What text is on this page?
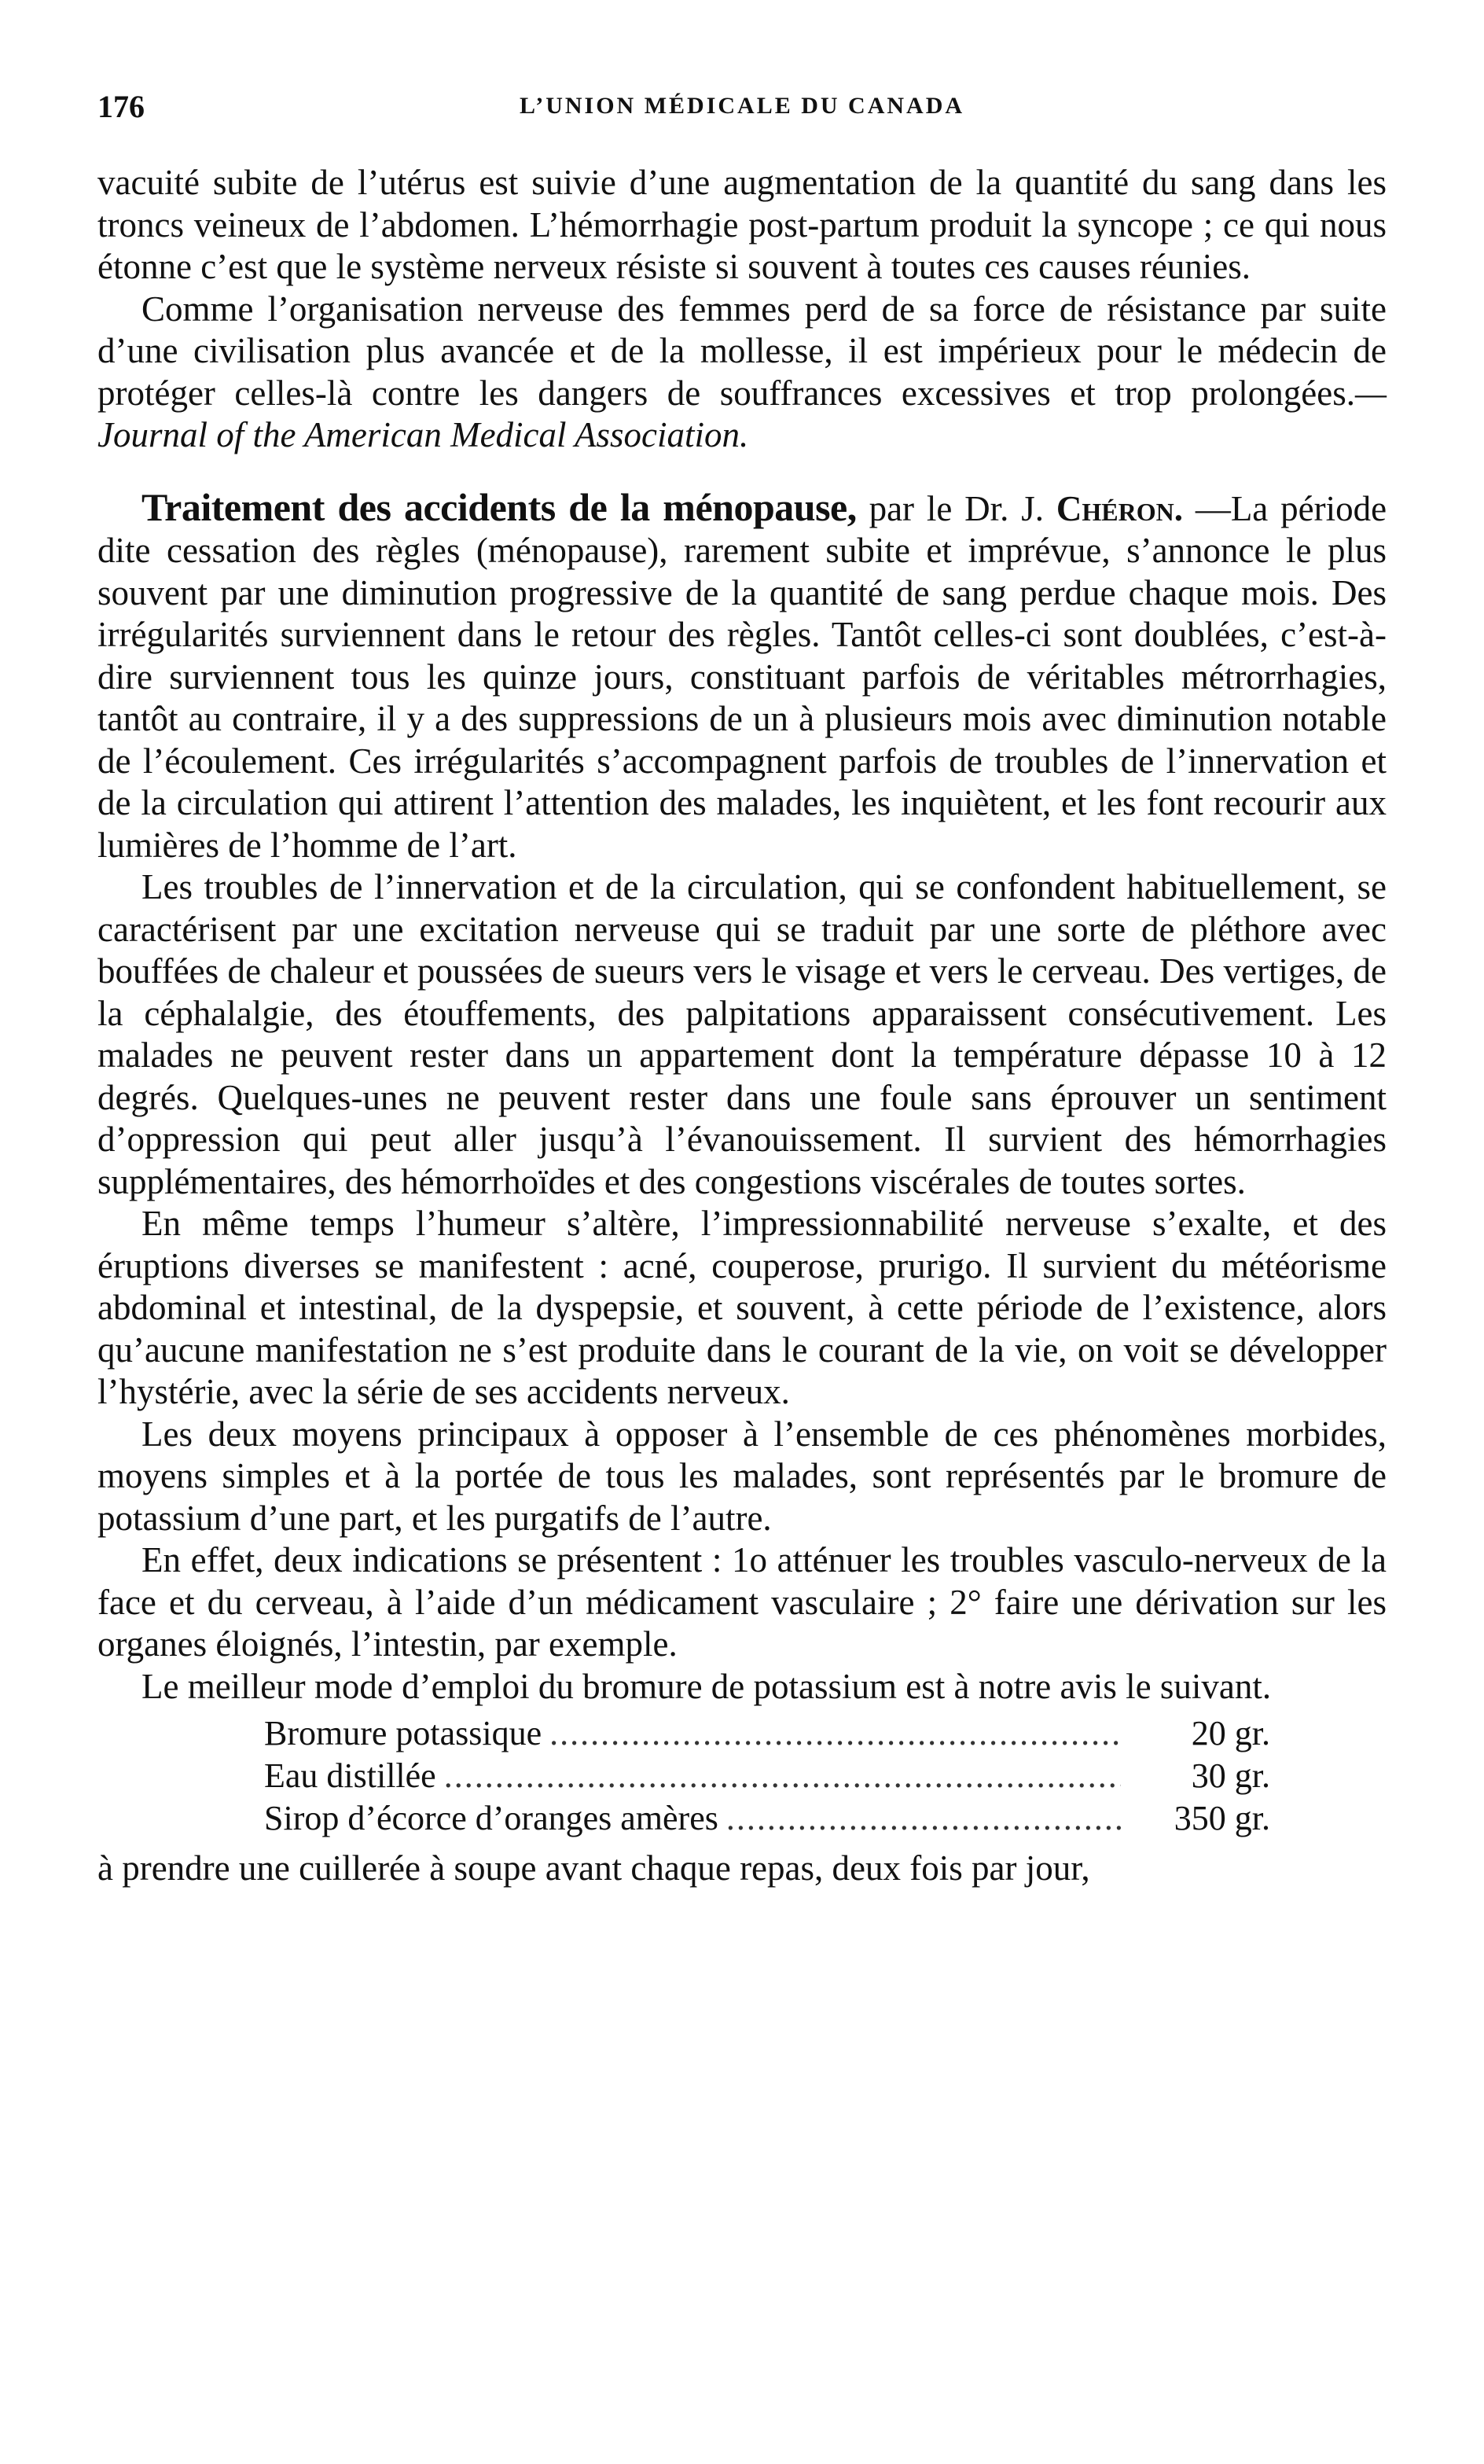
176	L’UNION MÉDICALE DU CANADA

vacuité subite de l’utérus est suivie d’une augmentation de la quantité du sang dans les troncs veineux de l’abdomen. L’hémorrhagie post-partum produit la syncope ; ce qui nous étonne c’est que le système nerveux résiste si souvent à toutes ces causes réunies.

Comme l’organisation nerveuse des femmes perd de sa force de résistance par suite d’une civilisation plus avancée et de la mollesse, il est impérieux pour le médecin de protéger celles-là contre les dangers de souffrances excessives et trop prolongées.—Journal of the American Medical Association.

Traitement des accidents de la ménopause, par le Dr. J. Chéron. —La période dite cessation des règles (ménopause), rarement subite et imprévue, s’annonce le plus souvent par une diminution progressive de la quantité de sang perdue chaque mois. Des irrégularités surviennent dans le retour des règles. Tantôt celles-ci sont doublées, c’est-à-dire surviennent tous les quinze jours, constituant parfois de véritables métrorrhagies, tantôt au contraire, il y a des suppressions de un à plusieurs mois avec diminution notable de l’écoulement. Ces irrégularités s’accompagnent parfois de troubles de l’innervation et de la circulation qui attirent l’attention des malades, les inquiètent, et les font recourir aux lumières de l’homme de l’art.

Les troubles de l’innervation et de la circulation, qui se confondent habituellement, se caractérisent par une excitation nerveuse qui se traduit par une sorte de pléthore avec bouffées de chaleur et poussées de sueurs vers le visage et vers le cerveau. Des vertiges, de la céphalalgie, des étouffements, des palpitations apparaissent consécutivement. Les malades ne peuvent rester dans un appartement dont la température dépasse 10 à 12 degrés. Quelques-unes ne peuvent rester dans une foule sans éprouver un sentiment d’oppression qui peut aller jusqu’à l’évanouissement. Il survient des hémorrhagies supplémentaires, des hémorrhoïdes et des congestions viscérales de toutes sortes.

En même temps l’humeur s’altère, l’impressionnabilité nerveuse s’exalte, et des éruptions diverses se manifestent : acné, couperose, prurigo. Il survient du météorisme abdominal et intestinal, de la dyspepsie, et souvent, à cette période de l’existence, alors qu’aucune manifestation ne s’est produite dans le courant de la vie, on voit se développer l’hystérie, avec la série de ses accidents nerveux.

Les deux moyens principaux à opposer à l’ensemble de ces phénomènes morbides, moyens simples et à la portée de tous les malades, sont représentés par le bromure de potassium d’une part, et les purgatifs de l’autre.

En effet, deux indications se présentent : 1o atténuer les troubles vasculo-nerveux de la face et du cerveau, à l’aide d’un médicament vasculaire ; 2° faire une dérivation sur les organes éloignés, l’intestin, par exemple.

Le meilleur mode d’emploi du bromure de potassium est à notre avis le suivant.

Bromure potassique .....	20 gr.
Eau distillée .....	30 gr.
Sirop d’écorce d’oranges amères .....	350 gr.

à prendre une cuillerée à soupe avant chaque repas, deux fois par jour,
